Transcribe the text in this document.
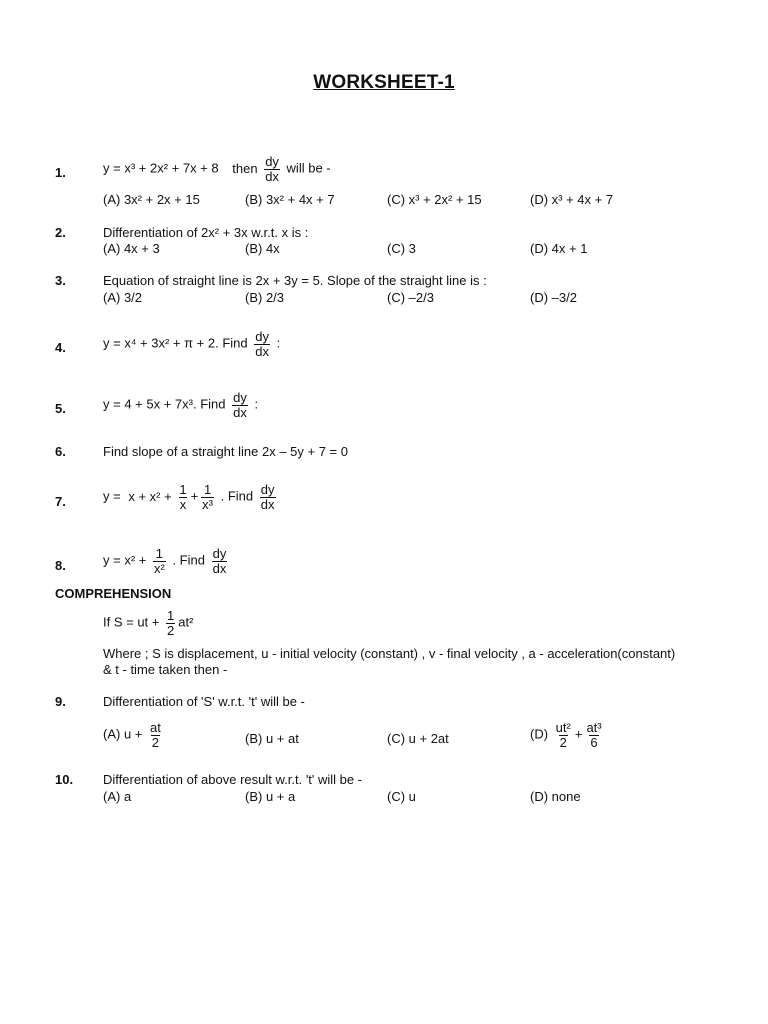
WORKSHEET-1
1.	y = x³ + 2x² + 7x + 8 then $\frac{dy}{dx}$ will be -
(A) 3x² + 2x + 15	(B) 3x² + 4x + 7	(C) x³ + 2x² + 15	(D) x³ + 4x + 7
2.	Differentiation of 2x² + 3x w.r.t. x is :
(A) 4x + 3	(B) 4x	(C) 3	(D) 4x + 1
3.	Equation of straight line is 2x + 3y = 5. Slope of the straight line is :
(A) 3/2	(B) 2/3	(C) –2/3	(D) –3/2
4.	y = x⁴ + 3x² + π + 2. Find $\frac{dy}{dx}$ :
5.	y = 4 + 5x + 7x³. Find $\frac{dy}{dx}$ :
6.	Find slope of a straight line 2x – 5y + 7 = 0
7.	$y = x + x^2 + \frac{1}{x} + \frac{1}{\text{x³}}$ . Find $\frac{dy}{dx}$
8.	$y = x^2 + \frac{1}{\text{x²}}$ . Find $\frac{dy}{dx}$
COMPREHENSION
If S = ut + $\frac{1}{2} at^2$
Where ; S is displacement, u - initial velocity (constant) , v - final velocity , a - acceleration(constant)
& t - time taken then -
9.	Differentiation of 'S' w.r.t. 't' will be -
(A) $u + \frac{at}{2}$	(B) u + at	(C) u + 2at	$(D) \frac{\text{ut²}}{2} + \frac{\text{at³}}{6}$
10. Differentiation of above result w.r.t. 't' will be -
(A) a	(B) u + a	(C) u	(D) none
